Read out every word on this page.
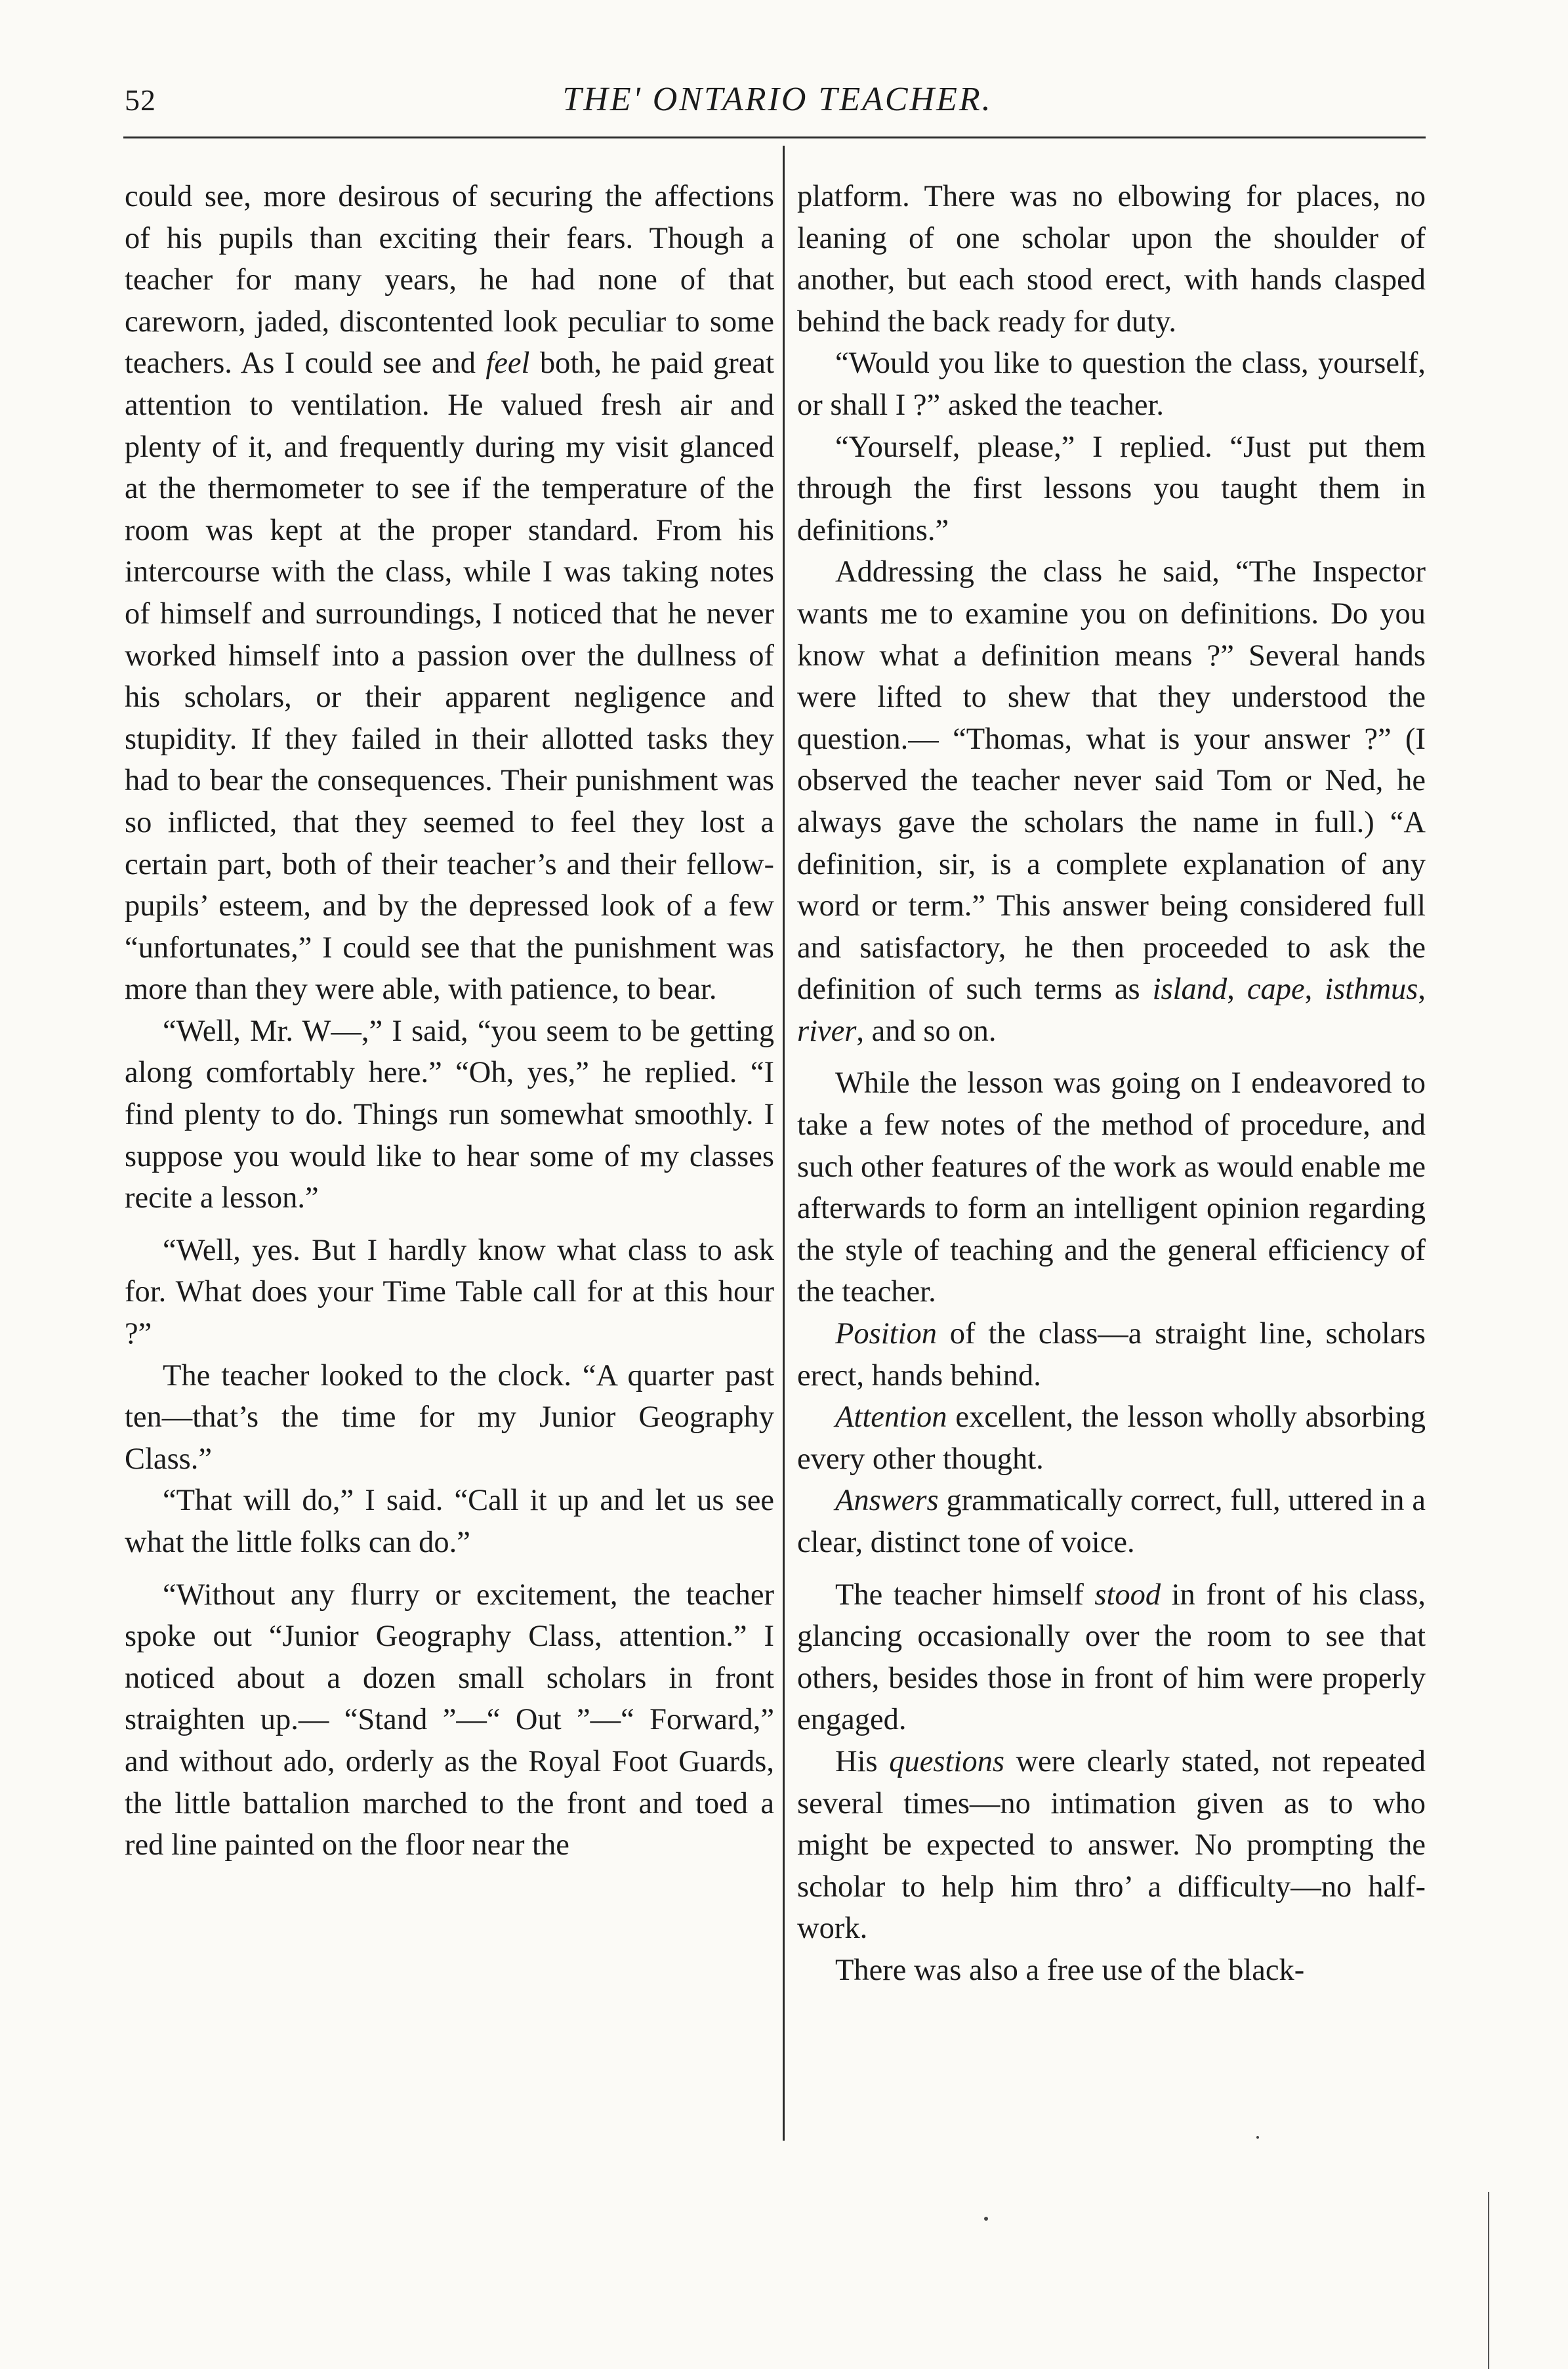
52	THE' ONTARIO TEACHER.

could see, more desirous of securing the affections of his pupils than exciting their fears. Though a teacher for many years, he had none of that careworn, jaded, discontented look peculiar to some teachers. As I could see and feel both, he paid great attention to ventilation. He valued fresh air and plenty of it, and frequently during my visit glanced at the thermometer to see if the temperature of the room was kept at the proper standard. From his intercourse with the class, while I was taking notes of himself and surroundings, I noticed that he never worked himself into a passion over the dullness of his scholars, or their apparent negligence and stupidity. If they failed in their allotted tasks they had to bear the consequences. Their punishment was so inflicted, that they seemed to feel they lost a certain part, both of their teacher’s and their fellow-pupils’ esteem, and by the depressed look of a few “unfortunates,” I could see that the punishment was more than they were able, with patience, to bear.

“Well, Mr. W—,” I said, “you seem to be getting along comfortably here.” “Oh, yes,” he replied. “I find plenty to do. Things run somewhat smoothly. I suppose you would like to hear some of my classes recite a lesson.”

“Well, yes. But I hardly know what class to ask for. What does your Time Table call for at this hour ?”

The teacher looked to the clock. “A quarter past ten—that’s the time for my Junior Geography Class.”

“That will do,” I said. “Call it up and let us see what the little folks can do.”

“Without any flurry or excitement, the teacher spoke out “Junior Geography Class, attention.” I noticed about a dozen small scholars in front straighten up.— “Stand ”—“ Out ”—“ Forward,” and without ado, orderly as the Royal Foot Guards, the little battalion marched to the front and toed a red line painted on the floor near the

platform. There was no elbowing for places, no leaning of one scholar upon the shoulder of another, but each stood erect, with hands clasped behind the back ready for duty.

“Would you like to question the class, yourself, or shall I ?” asked the teacher.

“Yourself, please,” I replied. “Just put them through the first lessons you taught them in definitions.”

Addressing the class he said, “The Inspector wants me to examine you on definitions. Do you know what a definition means ?” Several hands were lifted to shew that they understood the question.— “Thomas, what is your answer ?” (I observed the teacher never said Tom or Ned, he always gave the scholars the name in full.) “A definition, sir, is a complete explanation of any word or term.” This answer being considered full and satisfactory, he then proceeded to ask the definition of such terms as island, cape, isthmus, river, and so on.

While the lesson was going on I endeavored to take a few notes of the method of procedure, and such other features of the work as would enable me afterwards to form an intelligent opinion regarding the style of teaching and the general efficiency of the teacher.

Position of the class—a straight line, scholars erect, hands behind.

Attention excellent, the lesson wholly absorbing every other thought.

Answers grammatically correct, full, uttered in a clear, distinct tone of voice.

The teacher himself stood in front of his class, glancing occasionally over the room to see that others, besides those in front of him were properly engaged.

His questions were clearly stated, not repeated several times—no intimation given as to who might be expected to answer. No prompting the scholar to help him thro’ a difficulty—no half-work.

There was also a free use of the black-
